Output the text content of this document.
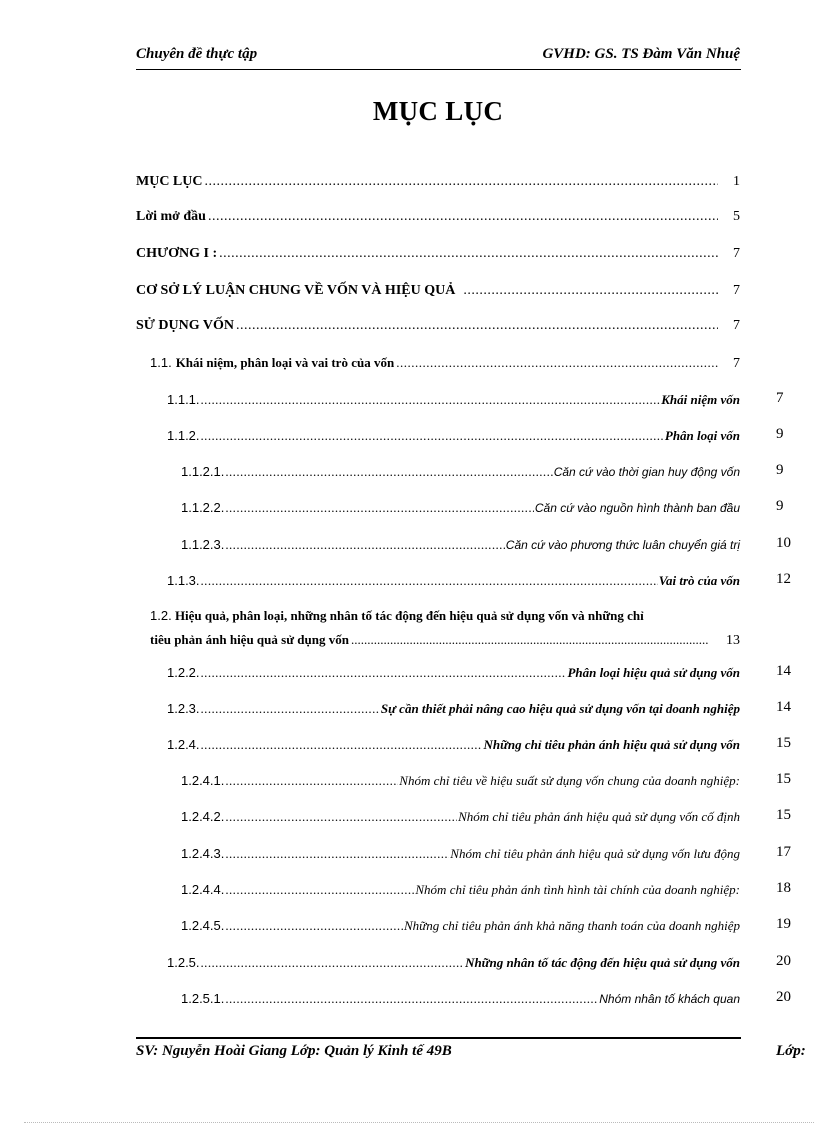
Chuyên đề thực tập	GVHD: GS. TS Đàm Văn Nhuệ
MỤC LỤC
MỤC LỤC .....	1
Lời mở đầu .....	5
CHƯƠNG I : .....	7
CƠ SỞ LÝ LUẬN CHUNG VỀ VỐN VÀ HIỆU QUẢ .....	7
SỬ DỤNG VỐN .....	7
1.1. Khái niệm, phân loại và vai trò của vốn .....	7
1.1.1. .....	Khái niệm vốn 7
1.1.2. .....	Phân loại vốn 9
1.1.2.1. .....	Căn cứ vào thời gian huy động vốn 9
1.1.2.2. .....	Căn cứ vào nguồn hình thành ban đầu 9
1.1.2.3. .....	Căn cứ vào phương thức luân chuyển giá trị 10
1.1.3. .....	Vai trò của vốn 12
1.2. Hiệu quả, phân loại, những nhân tố tác động đến hiệu quả sử dụng vốn và những chỉ
tiêu phản ánh hiệu quả sử dụng vốn .....	13
1.2.2. .....	Phân loại hiệu quả sử dụng vốn 14
1.2.3. .....	Sự cần thiết phải nâng cao hiệu quả sử dụng vốn tại doanh nghiệp 14
1.2.4. .....	Những chỉ tiêu phản ánh hiệu quả sử dụng vốn 15
1.2.4.1. .....	Nhóm chỉ tiêu về hiệu suất sử dụng vốn chung của doanh nghiệp: 15
1.2.4.2. .....	Nhóm chỉ tiêu phản ánh hiệu quả sử dụng vốn cố định 15
1.2.4.3. .....	Nhóm chỉ tiêu phản ánh hiệu quả sử dụng vốn lưu động 17
1.2.4.4. .....	Nhóm chỉ tiêu phản ánh tình hình tài chính của doanh nghiệp: 18
1.2.4.5. .....	Những chỉ tiêu phản ánh khả năng thanh toán của doanh nghiệp 19
1.2.5. .....	Những nhân tố tác động đến hiệu quả sử dụng vốn 20
1.2.5.1. .....	Nhóm nhân tố khách quan 20
SV: Nguyễn Hoài Giang Lớp: Quản lý Kinh tế 49B	Lớp:
